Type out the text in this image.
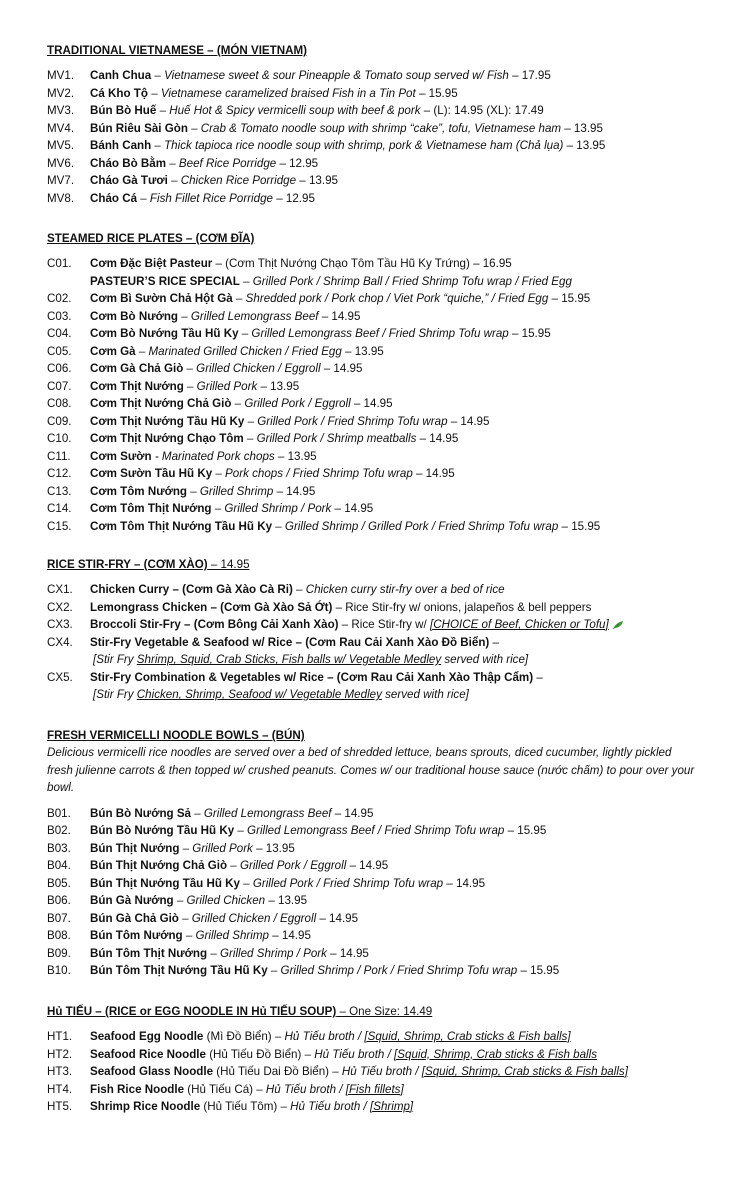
TRADITIONAL VIETNAMESE – (MÓN VIETNAM)
MV1.	Canh Chua – Vietnamese sweet & sour Pineapple & Tomato soup served w/ Fish – 17.95
MV2.	Cá Kho Tộ – Vietnamese caramelized braised Fish in a Tin Pot – 15.95
MV3.	Bún Bò Huế – Huế Hot & Spicy vermicelli soup with beef & pork – (L): 14.95 (XL): 17.49
MV4.	Bún Riêu Sài Gòn – Crab & Tomato noodle soup with shrimp “cake”, tofu, Vietnamese ham – 13.95
MV5.	Bánh Canh – Thick tapioca rice noodle soup with shrimp, pork & Vietnamese ham (Chả lụa) – 13.95
MV6.	Cháo Bò Bằm – Beef Rice Porridge – 12.95
MV7.	Cháo Gà Tươi – Chicken Rice Porridge – 13.95
MV8.	Cháo Cá – Fish Fillet Rice Porridge – 12.95
STEAMED RICE PLATES – (CƠM ĐĨA)
C01.	Cơm Đặc Biệt Pasteur – (Cơm Thịt Nướng Chạo Tôm Tầu Hũ Ky Trứng) – 16.95
PASTEUR’S RICE SPECIAL – Grilled Pork / Shrimp Ball / Fried Shrimp Tofu wrap / Fried Egg
C02.	Cơm Bì Sườn Chả Hột Gà – Shredded pork / Pork chop / Viet Pork “quiche,” / Fried Egg – 15.95
C03.	Cơm Bò Nướng – Grilled Lemongrass Beef – 14.95
C04.	Cơm Bò Nướng Tầu Hũ Ky – Grilled Lemongrass Beef / Fried Shrimp Tofu wrap – 15.95
C05.	Cơm Gà – Marinated Grilled Chicken / Fried Egg – 13.95
C06.	Cơm Gà Chả Giò – Grilled Chicken / Eggroll – 14.95
C07.	Cơm Thịt Nướng – Grilled Pork – 13.95
C08.	Cơm Thịt Nướng Chả Giò – Grilled Pork / Eggroll – 14.95
C09.	Cơm Thịt Nướng Tầu Hũ Ky – Grilled Pork / Fried Shrimp Tofu wrap – 14.95
C10.	Cơm Thịt Nướng Chạo Tôm – Grilled Pork / Shrimp meatballs – 14.95
C11.	Cơm Sườn - Marinated Pork chops – 13.95
C12.	Cơm Sườn Tầu Hũ Ky – Pork chops / Fried Shrimp Tofu wrap – 14.95
C13.	Cơm Tôm Nướng – Grilled Shrimp – 14.95
C14.	Cơm Tôm Thịt Nướng – Grilled Shrimp / Pork – 14.95
C15.	Cơm Tôm Thịt Nướng Tầu Hũ Ky – Grilled Shrimp / Grilled Pork / Fried Shrimp Tofu wrap – 15.95
RICE STIR-FRY – (CƠM XÀO) – 14.95
CX1.	Chicken Curry – (Cơm Gà Xào Cà Ri) – Chicken curry stir-fry over a bed of rice
CX2.	Lemongrass Chicken – (Cơm Gà Xào Sả Ớt) – Rice Stir-fry w/ onions, jalapeños & bell peppers
CX3.	Broccoli Stir-Fry – (Cơm Bông Cải Xanh Xào) – Rice Stir-fry w/ [CHOICE of Beef, Chicken or Tofu]
CX4.	Stir-Fry Vegetable & Seafood w/ Rice – (Cơm Rau Cải Xanh Xào Đồ Biển) –
[Stir Fry Shrimp, Squid, Crab Sticks, Fish balls w/ Vegetable Medley served with rice]
CX5.	Stir-Fry Combination & Vegetables w/ Rice – (Cơm Rau Cải Xanh Xào Thập Cẩm) –
[Stir Fry Chicken, Shrimp, Seafood w/ Vegetable Medley served with rice]
FRESH VERMICELLI NOODLE BOWLS – (BÚN)
Delicious vermicelli rice noodles are served over a bed of shredded lettuce, beans sprouts, diced cucumber, lightly pickled fresh julienne carrots & then topped w/ crushed peanuts. Comes w/ our traditional house sauce (nước chấm) to pour over your bowl.
B01.	Bún Bò Nướng Sả – Grilled Lemongrass Beef – 14.95
B02.	Bún Bò Nướng Tầu Hũ Ky – Grilled Lemongrass Beef / Fried Shrimp Tofu wrap – 15.95
B03.	Bún Thịt Nướng – Grilled Pork – 13.95
B04.	Bún Thịt Nướng Chả Giò – Grilled Pork / Eggroll – 14.95
B05.	Bún Thịt Nướng Tầu Hũ Ky – Grilled Pork / Fried Shrimp Tofu wrap – 14.95
B06.	Bún Gà Nướng – Grilled Chicken – 13.95
B07.	Bún Gà Chả Giò – Grilled Chicken / Eggroll – 14.95
B08.	Bún Tôm Nướng – Grilled Shrimp – 14.95
B09.	Bún Tôm Thịt Nướng – Grilled Shrimp / Pork – 14.95
B10.	Bún Tôm Thịt Nướng Tầu Hũ Ky – Grilled Shrimp / Pork / Fried Shrimp Tofu wrap – 15.95
Hủ TIẾU – (RICE or EGG NOODLE IN Hủ TIẾU SOUP) – One Size: 14.49
HT1.	Seafood Egg Noodle (Mì Đồ Biển) – Hủ Tiếu broth / [Squid, Shrimp, Crab sticks & Fish balls]
HT2.	Seafood Rice Noodle (Hủ Tiếu Đồ Biển) – Hủ Tiếu broth / [Squid, Shrimp, Crab sticks & Fish balls
HT3.	Seafood Glass Noodle (Hủ Tiếu Dai Đồ Biển) – Hủ Tiếu broth / [Squid, Shrimp, Crab sticks & Fish balls]
HT4.	Fish Rice Noodle (Hủ Tiếu Cá) – Hủ Tiếu broth / [Fish fillets]
HT5.	Shrimp Rice Noodle (Hủ Tiếu Tôm) – Hủ Tiếu broth / [Shrimp]
